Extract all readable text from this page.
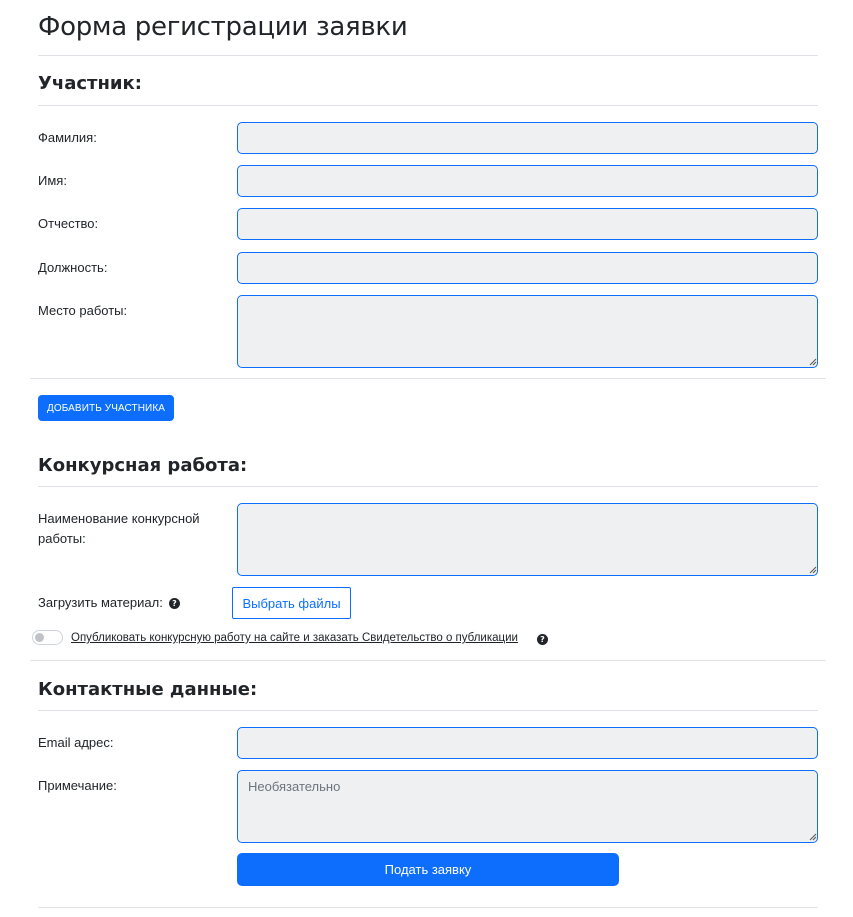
Форма регистрации заявки
Участник:
Фамилия:
Имя:
Отчество:
Должность:
Место работы:
ДОБАВИТЬ УЧАСТНИКА
Конкурсная работа:
Наименование конкурсной работы:
Загрузить материал:	?	Выбрать файлы
Опубликовать конкурсную работу на сайте и заказать Свидетельство о публикации	?
Контактные данные:
Email адрес:
Примечание:	Необязательно
Подать заявку
